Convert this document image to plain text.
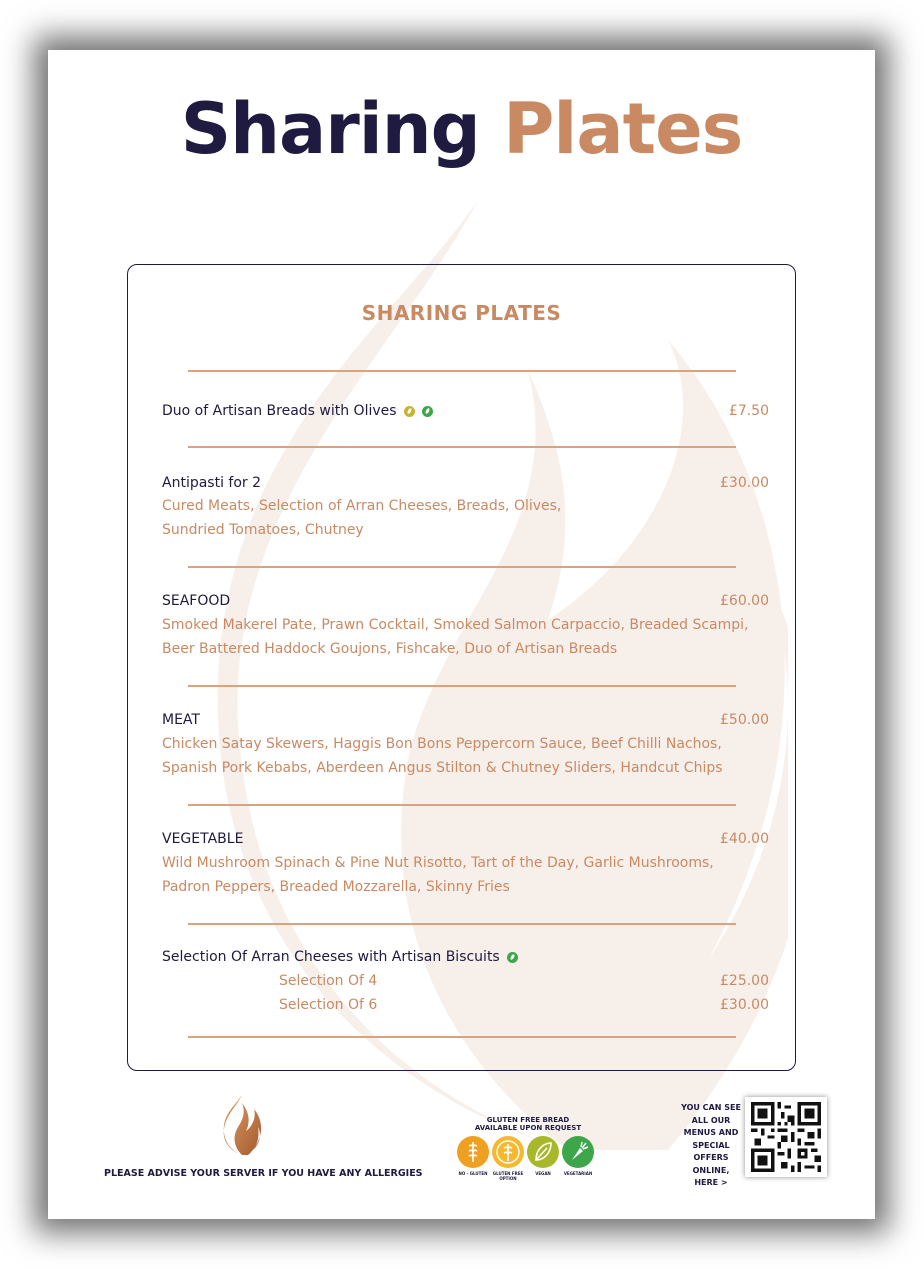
Sharing Plates
SHARING PLATES
Duo of Artisan Breads with Olives	£7.50
Antipasti for 2	£30.00
Cured Meats, Selection of Arran Cheeses, Breads, Olives,
Sundried Tomatoes, Chutney
SEAFOOD	£60.00
Smoked Makerel Pate, Prawn Cocktail, Smoked Salmon Carpaccio, Breaded Scampi,
Beer Battered Haddock Goujons, Fishcake, Duo of Artisan Breads
MEAT	£50.00
Chicken Satay Skewers, Haggis Bon Bons Peppercorn Sauce, Beef Chilli Nachos,
Spanish Pork Kebabs, Aberdeen Angus Stilton & Chutney Sliders, Handcut Chips
VEGETABLE	£40.00
Wild Mushroom Spinach & Pine Nut Risotto, Tart of the Day, Garlic Mushrooms,
Padron Peppers, Breaded Mozzarella, Skinny Fries
Selection Of Arran Cheeses with Artisan Biscuits
Selection Of 4	£25.00
Selection Of 6	£30.00
PLEASE ADVISE YOUR SERVER IF YOU HAVE ANY ALLERGIES
GLUTEN FREE BREAD
AVAILABLE UPON REQUEST
NO - GLUTEN	GLUTEN FREE OPTION
VEGAN	VEGETARIAN
YOU CAN SEE
ALL OUR
MENUS AND
SPECIAL
OFFERS ONLINE,
HERE >
